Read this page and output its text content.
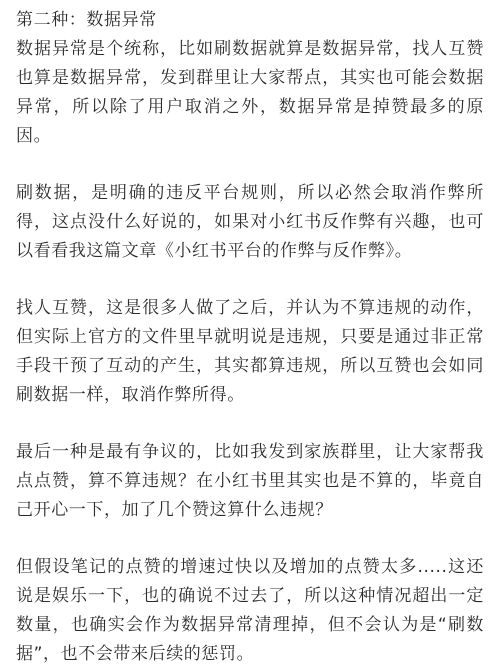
第二种：数据异常

数据异常是个统称，比如刷数据就算是数据异常，找人互赞也算是数据异常，发到群里让大家帮点，其实也可能会数据异常，所以除了用户取消之外，数据异常是掉赞最多的原因。

刷数据，是明确的违反平台规则，所以必然会取消作弊所得，这点没什么好说的，如果对小红书反作弊有兴趣，也可以看看我这篇文章《小红书平台的作弊与反作弊》。

找人互赞，这是很多人做了之后，并认为不算违规的动作，但实际上官方的文件里早就明说是违规，只要是通过非正常手段干预了互动的产生，其实都算违规，所以互赞也会如同刷数据一样，取消作弊所得。

最后一种是最有争议的，比如我发到家族群里，让大家帮我点点赞，算不算违规？在小红书里其实也是不算的，毕竟自己开心一下，加了几个赞这算什么违规？

但假设笔记的点赞的增速过快以及增加的点赞太多.....这还说是娱乐一下，也的确说不过去了，所以这种情况超出一定数量，也确实会作为数据异常清理掉，但不会认为是“刷数据”，也不会带来后续的惩罚。
